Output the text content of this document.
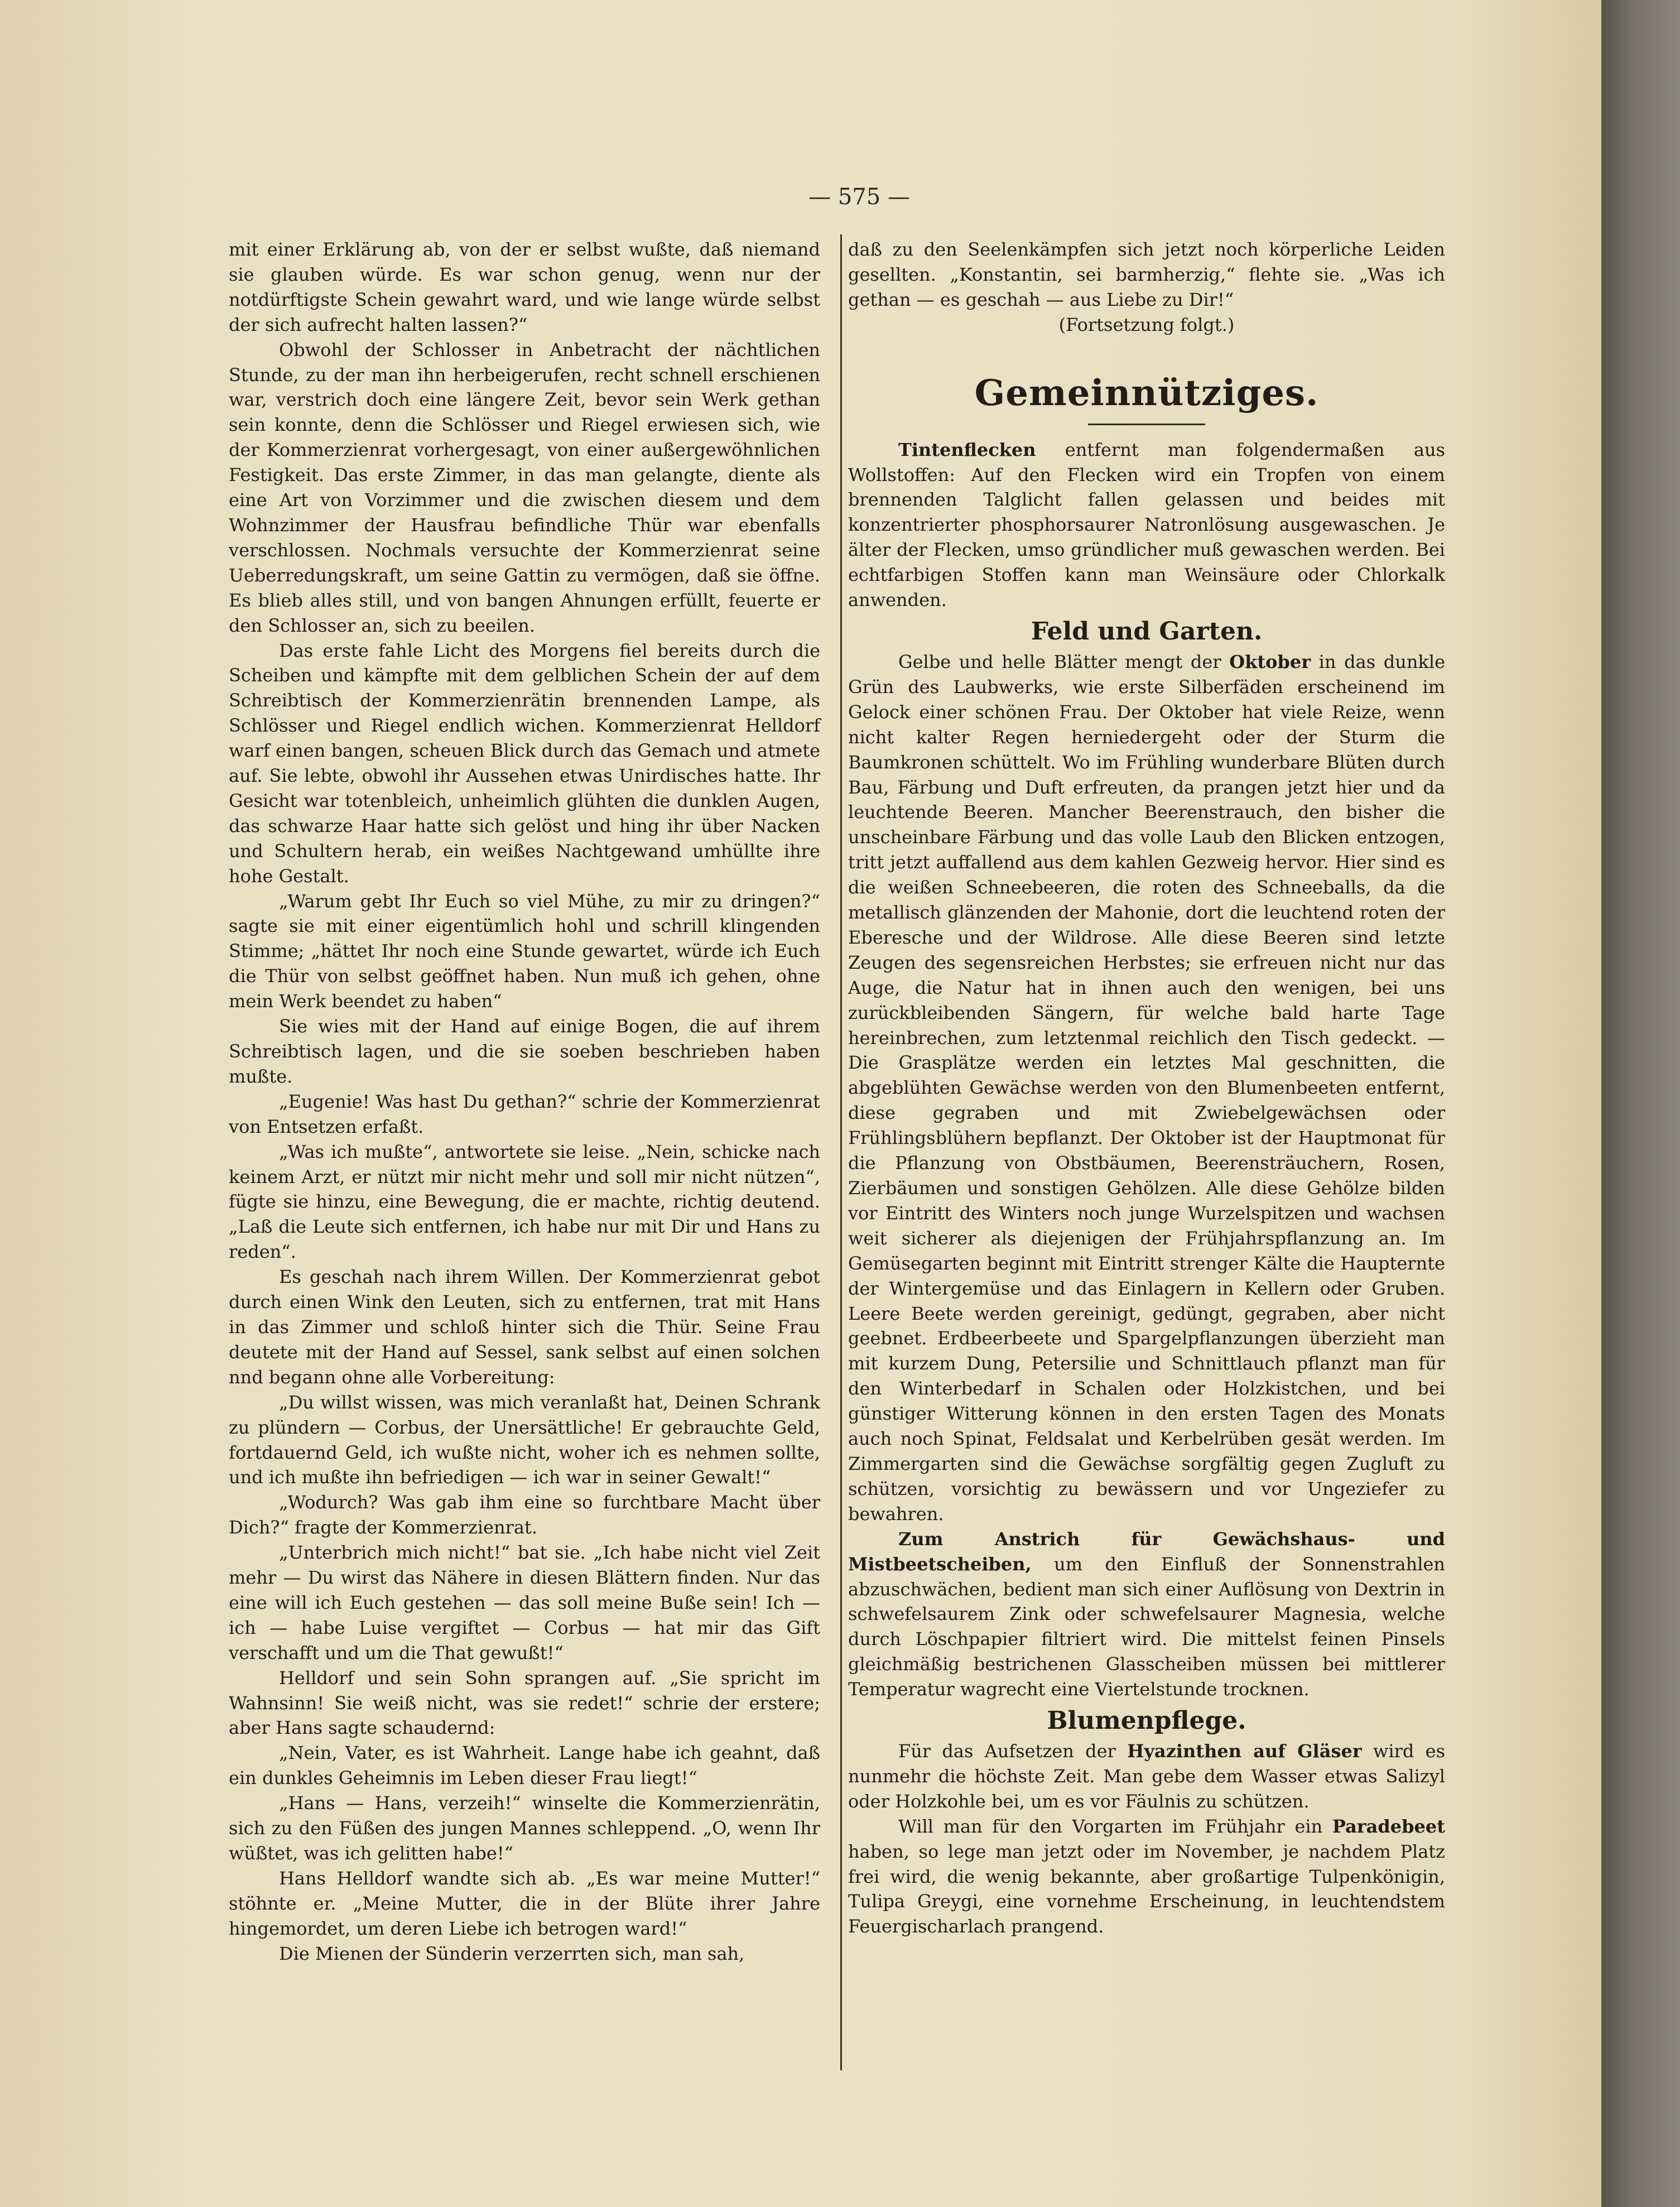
— 575 —

mit einer Erklärung ab, von der er selbst wußte, daß niemand sie glauben würde. Es war schon genug, wenn nur der notdürftigste Schein gewahrt ward, und wie lange würde selbst der sich aufrecht halten lassen?“

Obwohl der Schlosser in Anbetracht der nächtlichen Stunde, zu der man ihn herbeigerufen, recht schnell erschienen war, verstrich doch eine längere Zeit, bevor sein Werk gethan sein konnte, denn die Schlösser und Riegel erwiesen sich, wie der Kommerzienrat vorhergesagt, von einer außergewöhnlichen Festigkeit. Das erste Zimmer, in das man gelangte, diente als eine Art von Vorzimmer und die zwischen diesem und dem Wohnzimmer der Hausfrau befindliche Thür war ebenfalls verschlossen. Nochmals versuchte der Kommerzienrat seine Ueberredungskraft, um seine Gattin zu vermögen, daß sie öffne. Es blieb alles still, und von bangen Ahnungen erfüllt, feuerte er den Schlosser an, sich zu beeilen.

Das erste fahle Licht des Morgens fiel bereits durch die Scheiben und kämpfte mit dem gelblichen Schein der auf dem Schreibtisch der Kommerzienrätin brennenden Lampe, als Schlösser und Riegel endlich wichen. Kommerzienrat Helldorf warf einen bangen, scheuen Blick durch das Gemach und atmete auf. Sie lebte, obwohl ihr Aussehen etwas Unirdisches hatte. Ihr Gesicht war totenbleich, unheimlich glühten die dunklen Augen, das schwarze Haar hatte sich gelöst und hing ihr über Nacken und Schultern herab, ein weißes Nachtgewand umhüllte ihre hohe Gestalt.

„Warum gebt Ihr Euch so viel Mühe, zu mir zu dringen?“ sagte sie mit einer eigentümlich hohl und schrill klingenden Stimme; „hättet Ihr noch eine Stunde gewartet, würde ich Euch die Thür von selbst geöffnet haben. Nun muß ich gehen, ohne mein Werk beendet zu haben“

Sie wies mit der Hand auf einige Bogen, die auf ihrem Schreibtisch lagen, und die sie soeben beschrieben haben mußte.

„Eugenie! Was hast Du gethan?“ schrie der Kommerzienrat von Entsetzen erfaßt.

„Was ich mußte“, antwortete sie leise. „Nein, schicke nach keinem Arzt, er nützt mir nicht mehr und soll mir nicht nützen“, fügte sie hinzu, eine Bewegung, die er machte, richtig deutend. „Laß die Leute sich entfernen, ich habe nur mit Dir und Hans zu reden“.

Es geschah nach ihrem Willen. Der Kommerzienrat gebot durch einen Wink den Leuten, sich zu entfernen, trat mit Hans in das Zimmer und schloß hinter sich die Thür. Seine Frau deutete mit der Hand auf Sessel, sank selbst auf einen solchen nnd begann ohne alle Vorbereitung:

„Du willst wissen, was mich veranlaßt hat, Deinen Schrank zu plündern — Corbus, der Unersättliche! Er gebrauchte Geld, fortdauernd Geld, ich wußte nicht, woher ich es nehmen sollte, und ich mußte ihn befriedigen — ich war in seiner Gewalt!“

„Wodurch? Was gab ihm eine so furchtbare Macht über Dich?“ fragte der Kommerzienrat.

„Unterbrich mich nicht!“ bat sie. „Ich habe nicht viel Zeit mehr — Du wirst das Nähere in diesen Blättern finden. Nur das eine will ich Euch gestehen — das soll meine Buße sein! Ich — ich — habe Luise vergiftet — Corbus — hat mir das Gift verschafft und um die That gewußt!“

Helldorf und sein Sohn sprangen auf. „Sie spricht im Wahnsinn! Sie weiß nicht, was sie redet!“ schrie der erstere; aber Hans sagte schaudernd:

„Nein, Vater, es ist Wahrheit. Lange habe ich geahnt, daß ein dunkles Geheimnis im Leben dieser Frau liegt!“

„Hans — Hans, verzeih!“ winselte die Kommerzienrätin, sich zu den Füßen des jungen Mannes schleppend. „O, wenn Ihr wüßtet, was ich gelitten habe!“

Hans Helldorf wandte sich ab. „Es war meine Mutter!“ stöhnte er. „Meine Mutter, die in der Blüte ihrer Jahre hingemordet, um deren Liebe ich betrogen ward!“

Die Mienen der Sünderin verzerrten sich, man sah,

daß zu den Seelenkämpfen sich jetzt noch körperliche Leiden gesellten. „Konstantin, sei barmherzig,“ flehte sie. „Was ich gethan — es geschah — aus Liebe zu Dir!“

(Fortsetzung folgt.)

Gemeinnütziges.

Tintenflecken entfernt man folgendermaßen aus Wollstoffen: Auf den Flecken wird ein Tropfen von einem brennenden Talglicht fallen gelassen und beides mit konzentrierter phosphorsaurer Natronlösung ausgewaschen. Je älter der Flecken, umso gründlicher muß gewaschen werden. Bei echtfarbigen Stoffen kann man Weinsäure oder Chlorkalk anwenden.

Feld und Garten.

Gelbe und helle Blätter mengt der Oktober in das dunkle Grün des Laubwerks, wie erste Silberfäden erscheinend im Gelock einer schönen Frau. Der Oktober hat viele Reize, wenn nicht kalter Regen herniedergeht oder der Sturm die Baumkronen schüttelt. Wo im Frühling wunderbare Blüten durch Bau, Färbung und Duft erfreuten, da prangen jetzt hier und da leuchtende Beeren. Mancher Beerenstrauch, den bisher die unscheinbare Färbung und das volle Laub den Blicken entzogen, tritt jetzt auffallend aus dem kahlen Gezweig hervor. Hier sind es die weißen Schneebeeren, die roten des Schneeballs, da die metallisch glänzenden der Mahonie, dort die leuchtend roten der Eberesche und der Wildrose. Alle diese Beeren sind letzte Zeugen des segensreichen Herbstes; sie erfreuen nicht nur das Auge, die Natur hat in ihnen auch den wenigen, bei uns zurückbleibenden Sängern, für welche bald harte Tage hereinbrechen, zum letztenmal reichlich den Tisch gedeckt. — Die Grasplätze werden ein letztes Mal geschnitten, die abgeblühten Gewächse werden von den Blumenbeeten entfernt, diese gegraben und mit Zwiebelgewächsen oder Frühlingsblühern bepflanzt. Der Oktober ist der Hauptmonat für die Pflanzung von Obstbäumen, Beerensträuchern, Rosen, Zierbäumen und sonstigen Gehölzen. Alle diese Gehölze bilden vor Eintritt des Winters noch junge Wurzelspitzen und wachsen weit sicherer als diejenigen der Frühjahrspflanzung an. Im Gemüsegarten beginnt mit Eintritt strenger Kälte die Haupternte der Wintergemüse und das Einlagern in Kellern oder Gruben. Leere Beete werden gereinigt, gedüngt, gegraben, aber nicht geebnet. Erdbeerbeete und Spargelpflanzungen überzieht man mit kurzem Dung, Petersilie und Schnittlauch pflanzt man für den Winterbedarf in Schalen oder Holzkistchen, und bei günstiger Witterung können in den ersten Tagen des Monats auch noch Spinat, Feldsalat und Kerbelrüben gesät werden. Im Zimmergarten sind die Gewächse sorgfältig gegen Zugluft zu schützen, vorsichtig zu bewässern und vor Ungeziefer zu bewahren.

Zum Anstrich für Gewächshaus- und Mistbeetscheiben, um den Einfluß der Sonnenstrahlen abzuschwächen, bedient man sich einer Auflösung von Dextrin in schwefelsaurem Zink oder schwefelsaurer Magnesia, welche durch Löschpapier filtriert wird. Die mittelst feinen Pinsels gleichmäßig bestrichenen Glasscheiben müssen bei mittlerer Temperatur wagrecht eine Viertelstunde trocknen.

Blumenpflege.

Für das Aufsetzen der Hyazinthen auf Gläser wird es nunmehr die höchste Zeit. Man gebe dem Wasser etwas Salizyl oder Holzkohle bei, um es vor Fäulnis zu schützen.

Will man für den Vorgarten im Frühjahr ein Paradebeet haben, so lege man jetzt oder im November, je nachdem Platz frei wird, die wenig bekannte, aber großartige Tulpenkönigin, Tulipa Greygi, eine vornehme Erscheinung, in leuchtendstem Feuergischarlach prangend.
